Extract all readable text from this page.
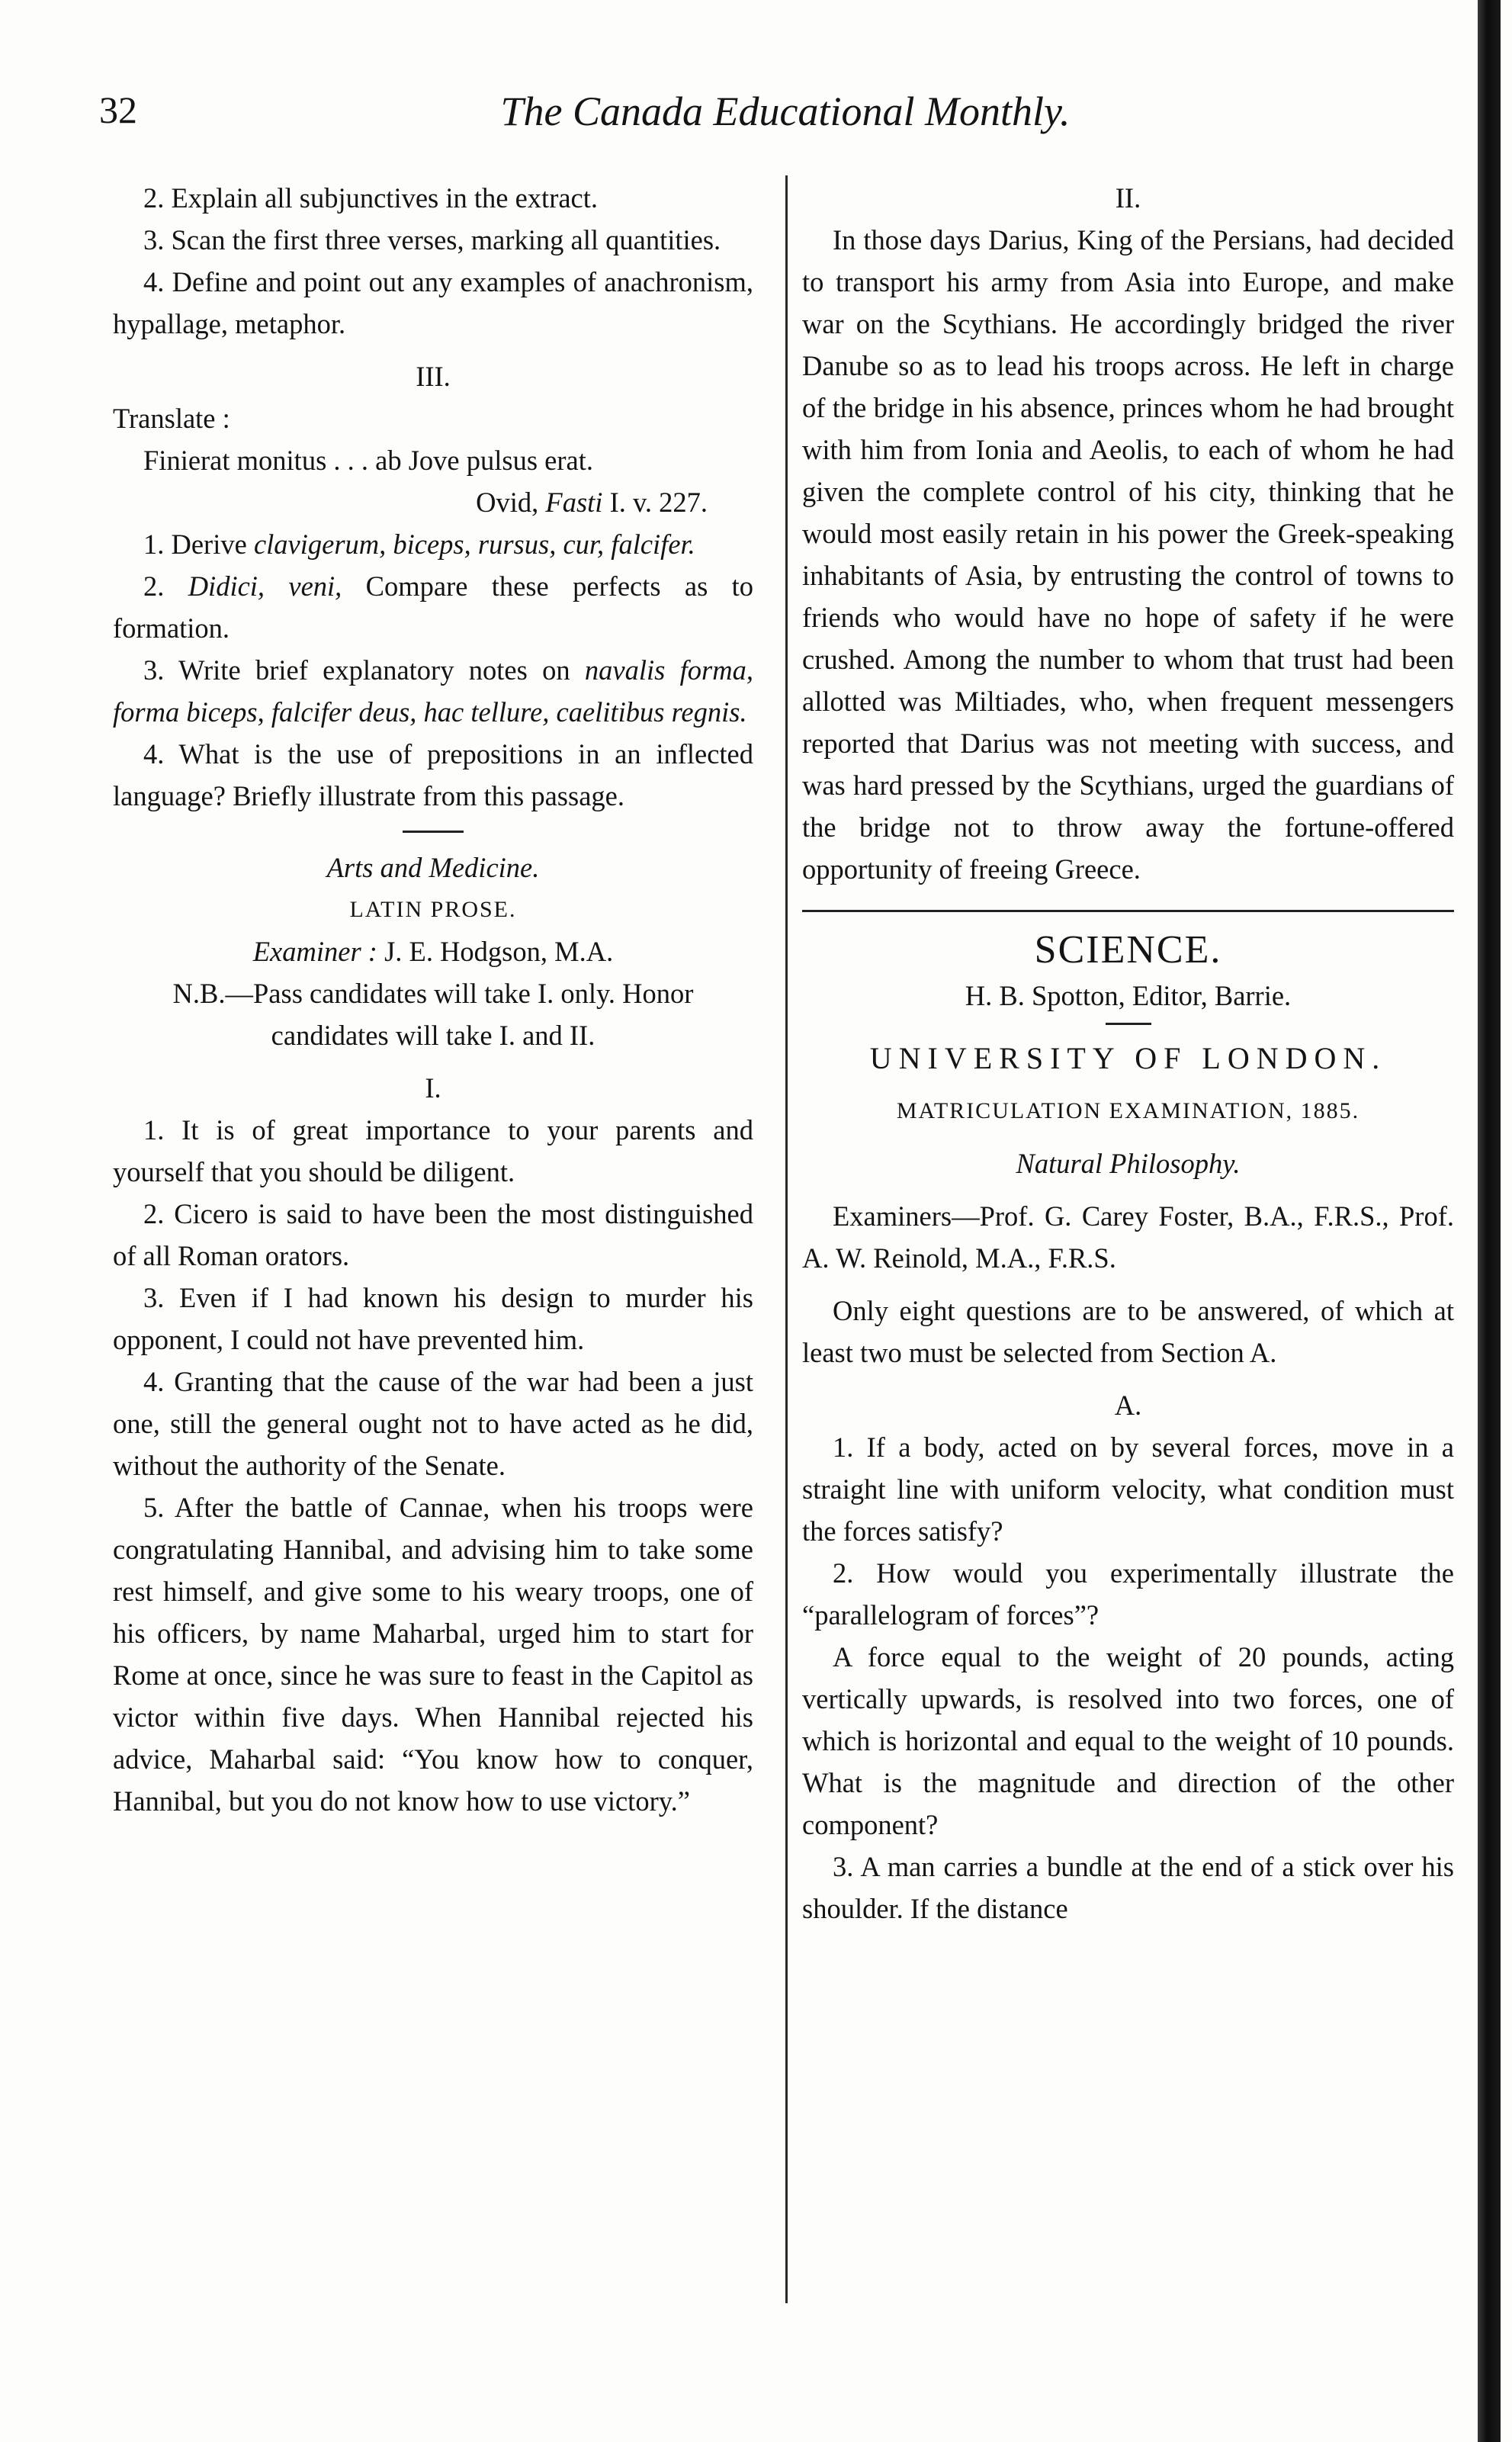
32	The Canada Educational Monthly.

2. Explain all subjunctives in the extract.

3. Scan the first three verses, marking all quantities.

4. Define and point out any examples of anachronism, hypallage, metaphor.

III.

Translate :

Finierat monitus . . . ab Jove pulsus erat.

Ovid, Fasti I. v. 227.

1. Derive clavigerum, biceps, rursus, cur, falcifer.

2. Didici, veni, Compare these perfects as to formation.

3. Write brief explanatory notes on navalis forma, forma biceps, falcifer deus, hac tellure, caelitibus regnis.

4. What is the use of prepositions in an inflected language? Briefly illustrate from this passage.

Arts and Medicine.

LATIN PROSE.

Examiner : J. E. Hodgson, M.A.

N.B.—Pass candidates will take I. only. Honor candidates will take I. and II.

I.

1. It is of great importance to your parents and yourself that you should be diligent.

2. Cicero is said to have been the most distinguished of all Roman orators.

3. Even if I had known his design to murder his opponent, I could not have prevented him.

4. Granting that the cause of the war had been a just one, still the general ought not to have acted as he did, without the authority of the Senate.

5. After the battle of Cannae, when his troops were congratulating Hannibal, and advising him to take some rest himself, and give some to his weary troops, one of his officers, by name Maharbal, urged him to start for Rome at once, since he was sure to feast in the Capitol as victor within five days. When Hannibal rejected his advice, Maharbal said: “You know how to conquer, Hannibal, but you do not know how to use victory.”

II.

In those days Darius, King of the Persians, had decided to transport his army from Asia into Europe, and make war on the Scythians. He accordingly bridged the river Danube so as to lead his troops across. He left in charge of the bridge in his absence, princes whom he had brought with him from Ionia and Aeolis, to each of whom he had given the complete control of his city, thinking that he would most easily retain in his power the Greek-speaking inhabitants of Asia, by entrusting the control of towns to friends who would have no hope of safety if he were crushed. Among the number to whom that trust had been allotted was Miltiades, who, when frequent messengers reported that Darius was not meeting with success, and was hard pressed by the Scythians, urged the guardians of the bridge not to throw away the fortune-offered opportunity of freeing Greece.

SCIENCE.

H. B. Spotton, Editor, Barrie.

UNIVERSITY OF LONDON.

MATRICULATION EXAMINATION, 1885.

Natural Philosophy.

Examiners—Prof. G. Carey Foster, B.A., F.R.S., Prof. A. W. Reinold, M.A., F.R.S.

Only eight questions are to be answered, of which at least two must be selected from Section A.

A.

1. If a body, acted on by several forces, move in a straight line with uniform velocity, what condition must the forces satisfy?

2. How would you experimentally illustrate the “parallelogram of forces”?

A force equal to the weight of 20 pounds, acting vertically upwards, is resolved into two forces, one of which is horizontal and equal to the weight of 10 pounds. What is the magnitude and direction of the other component?

3. A man carries a bundle at the end of a stick over his shoulder. If the distance
